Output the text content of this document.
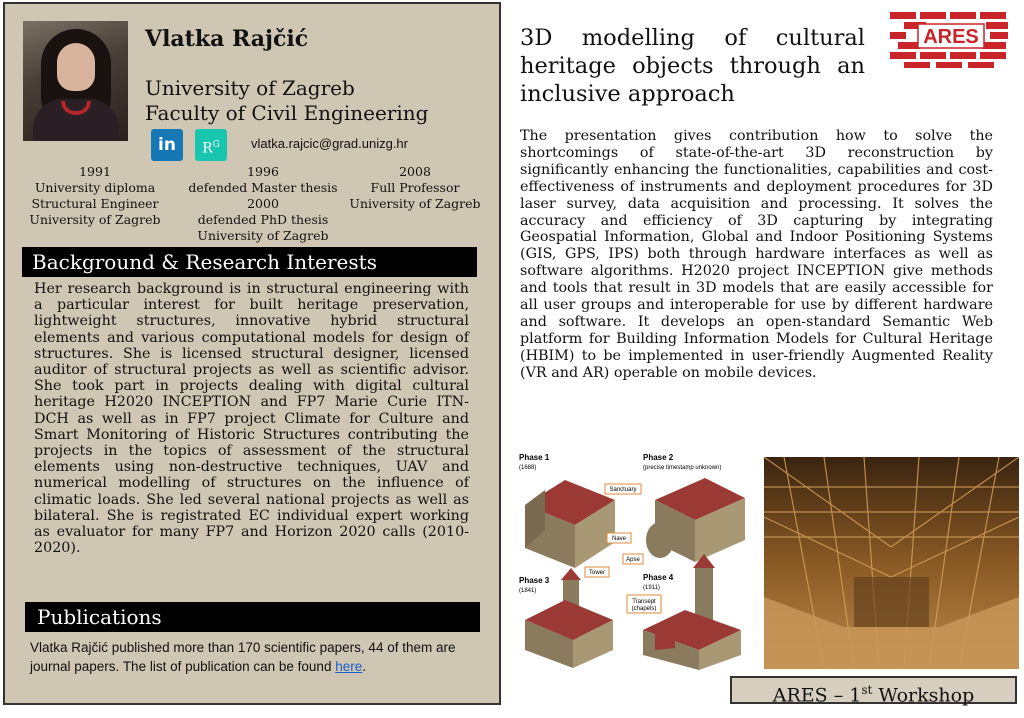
Vlatka Rajčić
University of Zagreb
Faculty of Civil Engineering
in	$R^G$	vlatka.rajcic@grad.unizg.hr
1991
University diploma
Structural Engineer
University of Zagreb
1996
defended Master thesis
2000
defended PhD thesis
University of Zagreb
2008
Full Professor
University of Zagreb
Background & Research Interests
Her research background is in structural engineering with a particular interest for built heritage preservation, lightweight structures, innovative hybrid structural elements and various computational models for design of structures. She is licensed structural designer, licensed auditor of structural projects as well as scientific advisor. She took part in projects dealing with digital cultural heritage H2020 INCEPTION and FP7 Marie Curie ITN-DCH as well as in FP7 project Climate for Culture and Smart Monitoring of Historic Structures contributing the projects in the topics of assessment of the structural elements using non-destructive techniques, UAV and numerical modelling of structures on the influence of climatic loads. She led several national projects as well as bilateral. She is registrated EC individual expert working as evaluator for many FP7 and Horizon 2020 calls (2010-2020).
Publications
Vlatka Rajčić published more than 170 scientific papers, 44 of them are journal papers. The list of publication can be found here.
3D modelling of cultural heritage objects through an inclusive approach
ARES
The presentation gives contribution how to solve the shortcomings of state-of-the-art 3D reconstruction by significantly enhancing the functionalities, capabilities and cost-effectiveness of instruments and deployment procedures for 3D laser survey, data acquisition and processing. It solves the accuracy and efficiency of 3D capturing by integrating Geospatial Information, Global and Indoor Positioning Systems (GIS, GPS, IPS) both through hardware interfaces as well as software algorithms. H2020 project INCEPTION give methods and tools that result in 3D models that are easily accessible for all user groups and interoperable for use by different hardware and software. It develops an open-standard Semantic Web platform for Building Information Models for Cultural Heritage (HBIM) to be implemented in user-friendly Augmented Reality (VR and AR) operable on mobile devices.
Phase 1
(1688)
Phase 2
(precise timestamp unknown)
Phase 3
(1841)
Phase 4
(1911)
Sanctuary
Nave
Apse
Tower
Transept
(chapels)
ARES – 1st Workshop
